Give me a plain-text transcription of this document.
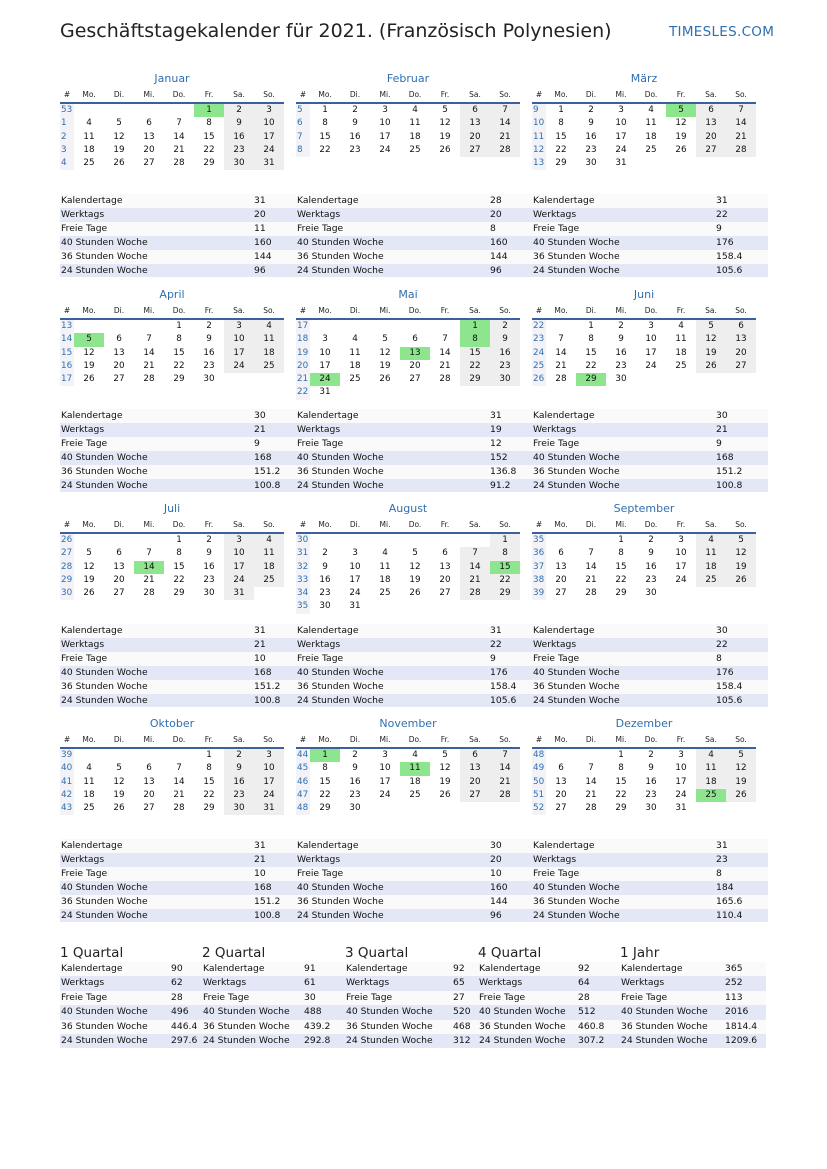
Geschäftstagekalender für 2021. (Französisch Polynesien)	TIMESLES.COM
Januar
#	Mo.	Di.	Mi.	Do.	Fr.	Sa.	So.
53					1	2	3
1	4	5	6	7	8	9	10
2	11	12	13	14	15	16	17
3	18	19	20	21	22	23	24
4	25	26	27	28	29	30	31
Kalendertage	31
Werktags	20
Freie Tage	11
40 Stunden Woche	160
36 Stunden Woche	144
24 Stunden Woche	96
Februar
#	Mo.	Di.	Mi.	Do.	Fr.	Sa.	So.
5	1	2	3	4	5	6	7
6	8	9	10	11	12	13	14
7	15	16	17	18	19	20	21
8	22	23	24	25	26	27	28
Kalendertage	28
Werktags	20
Freie Tage	8
40 Stunden Woche	160
36 Stunden Woche	144
24 Stunden Woche	96
März
#	Mo.	Di.	Mi.	Do.	Fr.	Sa.	So.
9	1	2	3	4	5	6	7
10	8	9	10	11	12	13	14
11	15	16	17	18	19	20	21
12	22	23	24	25	26	27	28
13	29	30	31				
Kalendertage	31
Werktags	22
Freie Tage	9
40 Stunden Woche	176
36 Stunden Woche	158.4
24 Stunden Woche	105.6
April
#	Mo.	Di.	Mi.	Do.	Fr.	Sa.	So.
13				1	2	3	4
14	5	6	7	8	9	10	11
15	12	13	14	15	16	17	18
16	19	20	21	22	23	24	25
17	26	27	28	29	30		
Kalendertage	30
Werktags	21
Freie Tage	9
40 Stunden Woche	168
36 Stunden Woche	151.2
24 Stunden Woche	100.8
Mai
#	Mo.	Di.	Mi.	Do.	Fr.	Sa.	So.
17						1	2
18	3	4	5	6	7	8	9
19	10	11	12	13	14	15	16
20	17	18	19	20	21	22	23
21	24	25	26	27	28	29	30
22	31						
Kalendertage	31
Werktags	19
Freie Tage	12
40 Stunden Woche	152
36 Stunden Woche	136.8
24 Stunden Woche	91.2
Juni
#	Mo.	Di.	Mi.	Do.	Fr.	Sa.	So.
22		1	2	3	4	5	6
23	7	8	9	10	11	12	13
24	14	15	16	17	18	19	20
25	21	22	23	24	25	26	27
26	28	29	30				
Kalendertage	30
Werktags	21
Freie Tage	9
40 Stunden Woche	168
36 Stunden Woche	151.2
24 Stunden Woche	100.8
Juli
#	Mo.	Di.	Mi.	Do.	Fr.	Sa.	So.
26				1	2	3	4
27	5	6	7	8	9	10	11
28	12	13	14	15	16	17	18
29	19	20	21	22	23	24	25
30	26	27	28	29	30	31	
Kalendertage	31
Werktags	21
Freie Tage	10
40 Stunden Woche	168
36 Stunden Woche	151.2
24 Stunden Woche	100.8
August
#	Mo.	Di.	Mi.	Do.	Fr.	Sa.	So.
30							1
31	2	3	4	5	6	7	8
32	9	10	11	12	13	14	15
33	16	17	18	19	20	21	22
34	23	24	25	26	27	28	29
35	30	31					
Kalendertage	31
Werktags	22
Freie Tage	9
40 Stunden Woche	176
36 Stunden Woche	158.4
24 Stunden Woche	105.6
September
#	Mo.	Di.	Mi.	Do.	Fr.	Sa.	So.
35			1	2	3	4	5
36	6	7	8	9	10	11	12
37	13	14	15	16	17	18	19
38	20	21	22	23	24	25	26
39	27	28	29	30			
Kalendertage	30
Werktags	22
Freie Tage	8
40 Stunden Woche	176
36 Stunden Woche	158.4
24 Stunden Woche	105.6
Oktober
#	Mo.	Di.	Mi.	Do.	Fr.	Sa.	So.
39					1	2	3
40	4	5	6	7	8	9	10
41	11	12	13	14	15	16	17
42	18	19	20	21	22	23	24
43	25	26	27	28	29	30	31
Kalendertage	31
Werktags	21
Freie Tage	10
40 Stunden Woche	168
36 Stunden Woche	151.2
24 Stunden Woche	100.8
November
#	Mo.	Di.	Mi.	Do.	Fr.	Sa.	So.
44	1	2	3	4	5	6	7
45	8	9	10	11	12	13	14
46	15	16	17	18	19	20	21
47	22	23	24	25	26	27	28
48	29	30					
Kalendertage	30
Werktags	20
Freie Tage	10
40 Stunden Woche	160
36 Stunden Woche	144
24 Stunden Woche	96
Dezember
#	Mo.	Di.	Mi.	Do.	Fr.	Sa.	So.
48			1	2	3	4	5
49	6	7	8	9	10	11	12
50	13	14	15	16	17	18	19
51	20	21	22	23	24	25	26
52	27	28	29	30	31		
Kalendertage	31
Werktags	23
Freie Tage	8
40 Stunden Woche	184
36 Stunden Woche	165.6
24 Stunden Woche	110.4
1 Quartal
Kalendertage	90
Werktags	62
Freie Tage	28
40 Stunden Woche	496
36 Stunden Woche	446.4
24 Stunden Woche	297.6
2 Quartal
Kalendertage	91
Werktags	61
Freie Tage	30
40 Stunden Woche	488
36 Stunden Woche	439.2
24 Stunden Woche	292.8
3 Quartal
Kalendertage	92
Werktags	65
Freie Tage	27
40 Stunden Woche	520
36 Stunden Woche	468
24 Stunden Woche	312
4 Quartal
Kalendertage	92
Werktags	64
Freie Tage	28
40 Stunden Woche	512
36 Stunden Woche	460.8
24 Stunden Woche	307.2
1 Jahr
Kalendertage	365
Werktags	252
Freie Tage	113
40 Stunden Woche	2016
36 Stunden Woche	1814.4
24 Stunden Woche	1209.6
